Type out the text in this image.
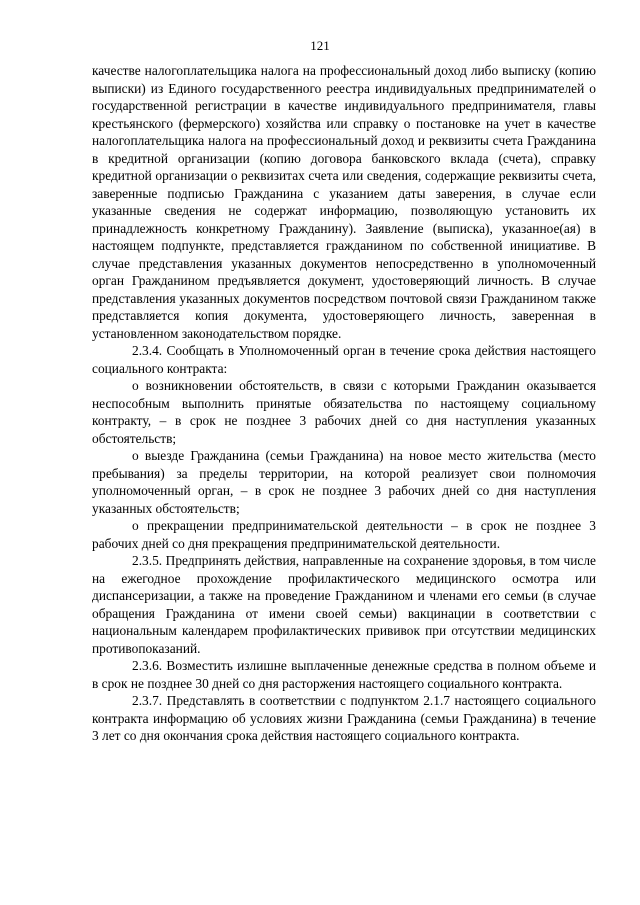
121

качестве налогоплательщика налога на профессиональный доход либо выписку (копию выписки) из Единого государственного реестра индивидуальных предпринимателей о государственной регистрации в качестве индивидуального предпринимателя, главы крестьянского (фермерского) хозяйства или справку о постановке на учет в качестве налогоплательщика налога на профессиональный доход и реквизиты счета Гражданина в кредитной организации (копию договора банковского вклада (счета), справку кредитной организации о реквизитах счета или сведения, содержащие реквизиты счета, заверенные подписью Гражданина с указанием даты заверения, в случае если указанные сведения не содержат информацию, позволяющую установить их принадлежность конкретному Гражданину). Заявление (выписка), указанное(ая) в настоящем подпункте, представляется гражданином по собственной инициативе. В случае представления указанных документов непосредственно в уполномоченный орган Гражданином предъявляется документ, удостоверяющий личность. В случае представления указанных документов посредством почтовой связи Гражданином также представляется копия документа, удостоверяющего личность, заверенная в установленном законодательством порядке.

2.3.4. Сообщать в Уполномоченный орган в течение срока действия настоящего социального контракта:

о возникновении обстоятельств, в связи с которыми Гражданин оказывается неспособным выполнить принятые обязательства по настоящему социальному контракту, – в срок не позднее 3 рабочих дней со дня наступления указанных обстоятельств;

о выезде Гражданина (семьи Гражданина) на новое место жительства (место пребывания) за пределы территории, на которой реализует свои полномочия уполномоченный орган, – в срок не позднее 3 рабочих дней со дня наступления указанных обстоятельств;

о прекращении предпринимательской деятельности – в срок не позднее 3 рабочих дней со дня прекращения предпринимательской деятельности.

2.3.5. Предпринять действия, направленные на сохранение здоровья, в том числе на ежегодное прохождение профилактического медицинского осмотра или диспансеризации, а также на проведение Гражданином и членами его семьи (в случае обращения Гражданина от имени своей семьи) вакцинации в соответствии с национальным календарем профилактических прививок при отсутствии медицинских противопоказаний.

2.3.6. Возместить излишне выплаченные денежные средства в полном объеме и в срок не позднее 30 дней со дня расторжения настоящего социального контракта.

2.3.7. Представлять в соответствии с подпунктом 2.1.7 настоящего социального контракта информацию об условиях жизни Гражданина (семьи Гражданина) в течение 3 лет со дня окончания срока действия настоящего социального контракта.
